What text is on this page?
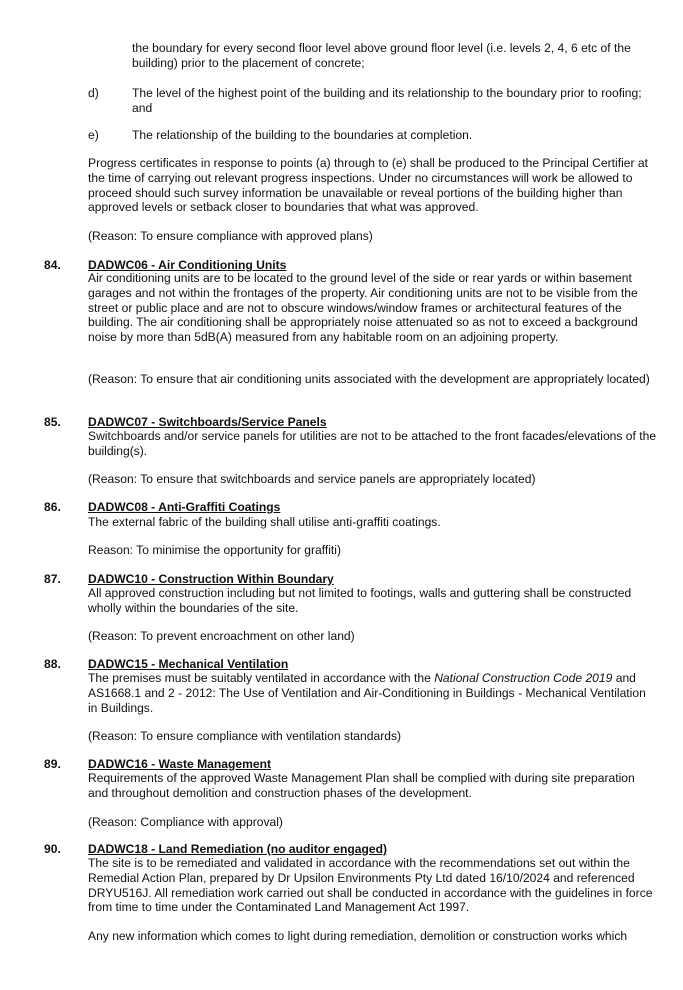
the boundary for every second floor level above ground floor level (i.e. levels 2, 4, 6 etc of the building) prior to the placement of concrete;

d)	The level of the highest point of the building and its relationship to the boundary prior to roofing; and

e)	The relationship of the building to the boundaries at completion.

Progress certificates in response to points (a) through to (e) shall be produced to the Principal Certifier at the time of carrying out relevant progress inspections. Under no circumstances will work be allowed to proceed should such survey information be unavailable or reveal portions of the building higher than approved levels or setback closer to boundaries that what was approved.

(Reason: To ensure compliance with approved plans)

84. DADWC06 - Air Conditioning Units

Air conditioning units are to be located to the ground level of the side or rear yards or within basement garages and not within the frontages of the property. Air conditioning units are not to be visible from the street or public place and are not to obscure windows/window frames or architectural features of the building. The air conditioning shall be appropriately noise attenuated so as not to exceed a background noise by more than 5dB(A) measured from any habitable room on an adjoining property.

(Reason: To ensure that air conditioning units associated with the development are appropriately located)

85. DADWC07 - Switchboards/Service Panels

Switchboards and/or service panels for utilities are not to be attached to the front facades/elevations of the building(s).

(Reason: To ensure that switchboards and service panels are appropriately located)

86. DADWC08 - Anti-Graffiti Coatings

The external fabric of the building shall utilise anti-graffiti coatings.

Reason: To minimise the opportunity for graffiti)

87. DADWC10 - Construction Within Boundary

All approved construction including but not limited to footings, walls and guttering shall be constructed wholly within the boundaries of the site.

(Reason: To prevent encroachment on other land)

88. DADWC15 - Mechanical Ventilation

The premises must be suitably ventilated in accordance with the National Construction Code 2019 and AS1668.1 and 2 - 2012: The Use of Ventilation and Air-Conditioning in Buildings - Mechanical Ventilation in Buildings.

(Reason: To ensure compliance with ventilation standards)

89. DADWC16 - Waste Management

Requirements of the approved Waste Management Plan shall be complied with during site preparation and throughout demolition and construction phases of the development.

(Reason: Compliance with approval)

90. DADWC18 - Land Remediation (no auditor engaged)

The site is to be remediated and validated in accordance with the recommendations set out within the Remedial Action Plan, prepared by Dr Upsilon Environments Pty Ltd dated 16/10/2024 and referenced DRYU516J. All remediation work carried out shall be conducted in accordance with the guidelines in force from time to time under the Contaminated Land Management Act 1997.

Any new information which comes to light during remediation, demolition or construction works which
